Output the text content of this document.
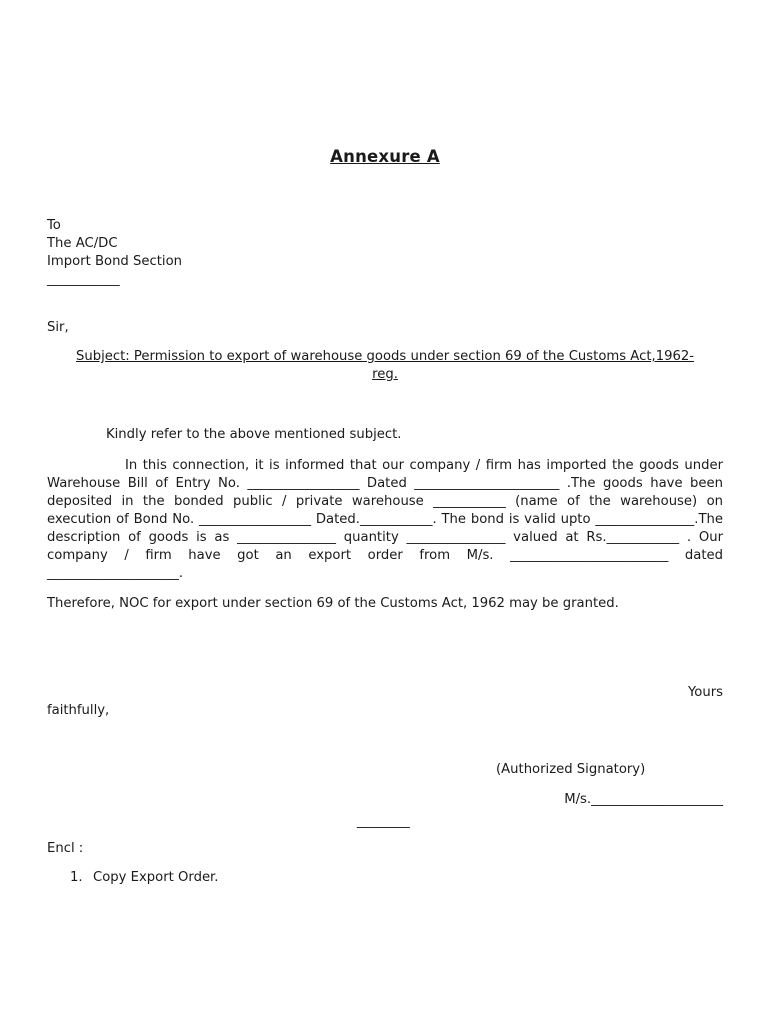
Annexure A
To
The AC/DC
Import Bond Section
___________
Sir,
Subject: Permission to export of warehouse goods under section 69 of the Customs Act,1962-
reg.
Kindly refer to the above mentioned subject.
In this connection, it is informed that our company / firm has imported the goods under Warehouse Bill of Entry No. _________________ Dated ______________________ .The goods have been deposited in the bonded public / private warehouse ___________ (name of the warehouse) on execution of Bond No. _________________ Dated.___________. The bond is valid upto _______________.The description of goods is as _______________ quantity _______________ valued at Rs.___________ . Our company / firm have got an export order from M/s. ________________________ dated ____________________.
Therefore, NOC for export under section 69 of the Customs Act, 1962 may be granted.
Yours
faithfully,
(Authorized Signatory)
M/s.____________________
________
Encl :
1. Copy Export Order.
